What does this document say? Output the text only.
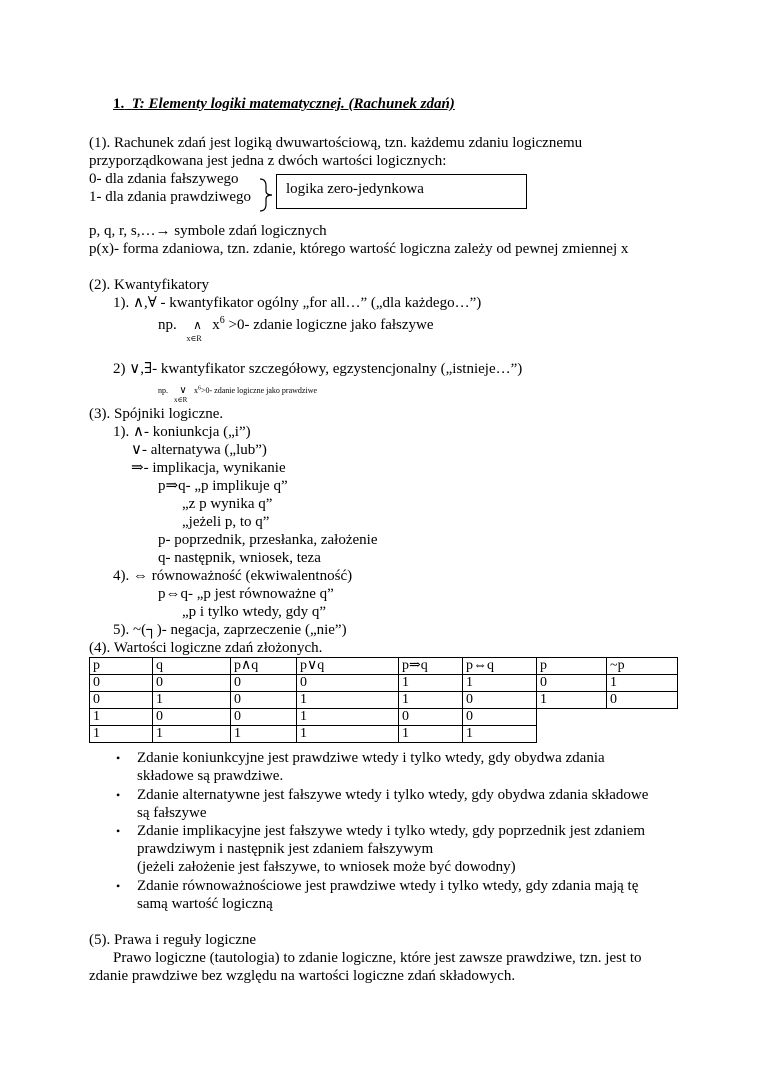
1. T: Elementy logiki matematycznej. (Rachunek zdań)
(1). Rachunek zdań jest logiką dwuwartościową, tzn. każdemu zdaniu logicznemu
przyporządkowana jest jedna z dwóch wartości logicznych:
0- dla zdania fałszywego
1- dla zdania prawdziwego logika zero-jedynkowa
p, q, r, s,…→ symbole zdań logicznych
p(x)- forma zdaniowa, tzn. zdanie, którego wartość logiczna zależy od pewnej zmiennej x
(2). Kwantyfikatory
1). ∧,∀ - kwantyfikator ogólny „for all…” („dla każdego…”)
np. ∧
x∈R
$x^6 >0-$ zdanie logiczne jako fałszywe
2) ∨,∃- kwantyfikator szczegółowy, egzystencjonalny („istnieje…”)
np. ∨
x∈R
$x^6>0-$ zdanie logiczne jako prawdziwe
(3). Spójniki logiczne.
1). ∧- koniunkcja („i”)
∨- alternatywa („lub”)
⇒- implikacja, wynikanie
p⇒q- „p implikuje q”
„z p wynika q”
„jeżeli p, to q”
p- poprzednik, przesłanka, założenie
q- następnik, wniosek, teza
4). ⇔ równoważność (ekwiwalentność)
p⇔q- „p jest równoważne q”
„p i tylko wtedy, gdy q”
5). ~(┐)- negacja, zaprzeczenie („nie”)
(4). Wartości logiczne zdań złożonych.
p	q	p∧q	p∨q	p⇒q	p⇔q	p	~p
0	0	0	0	1	1	0	1
0	1	0	1	1	0	1	0
1	0	0	1	0	0		
1	1	1	1	1	1		
• Zdanie koniunkcyjne jest prawdziwe wtedy i tylko wtedy, gdy obydwa zdania
składowe są prawdziwe.
• Zdanie alternatywne jest fałszywe wtedy i tylko wtedy, gdy obydwa zdania składowe
są fałszywe
• Zdanie implikacyjne jest fałszywe wtedy i tylko wtedy, gdy poprzednik jest zdaniem
prawdziwym i następnik jest zdaniem fałszywym
(jeżeli założenie jest fałszywe, to wniosek może być dowodny)
• Zdanie równoważnościowe jest prawdziwe wtedy i tylko wtedy, gdy zdania mają tę
samą wartość logiczną
(5). Prawa i reguły logiczne
Prawo logiczne (tautologia) to zdanie logiczne, które jest zawsze prawdziwe, tzn. jest to
zdanie prawdziwe bez względu na wartości logiczne zdań składowych.
